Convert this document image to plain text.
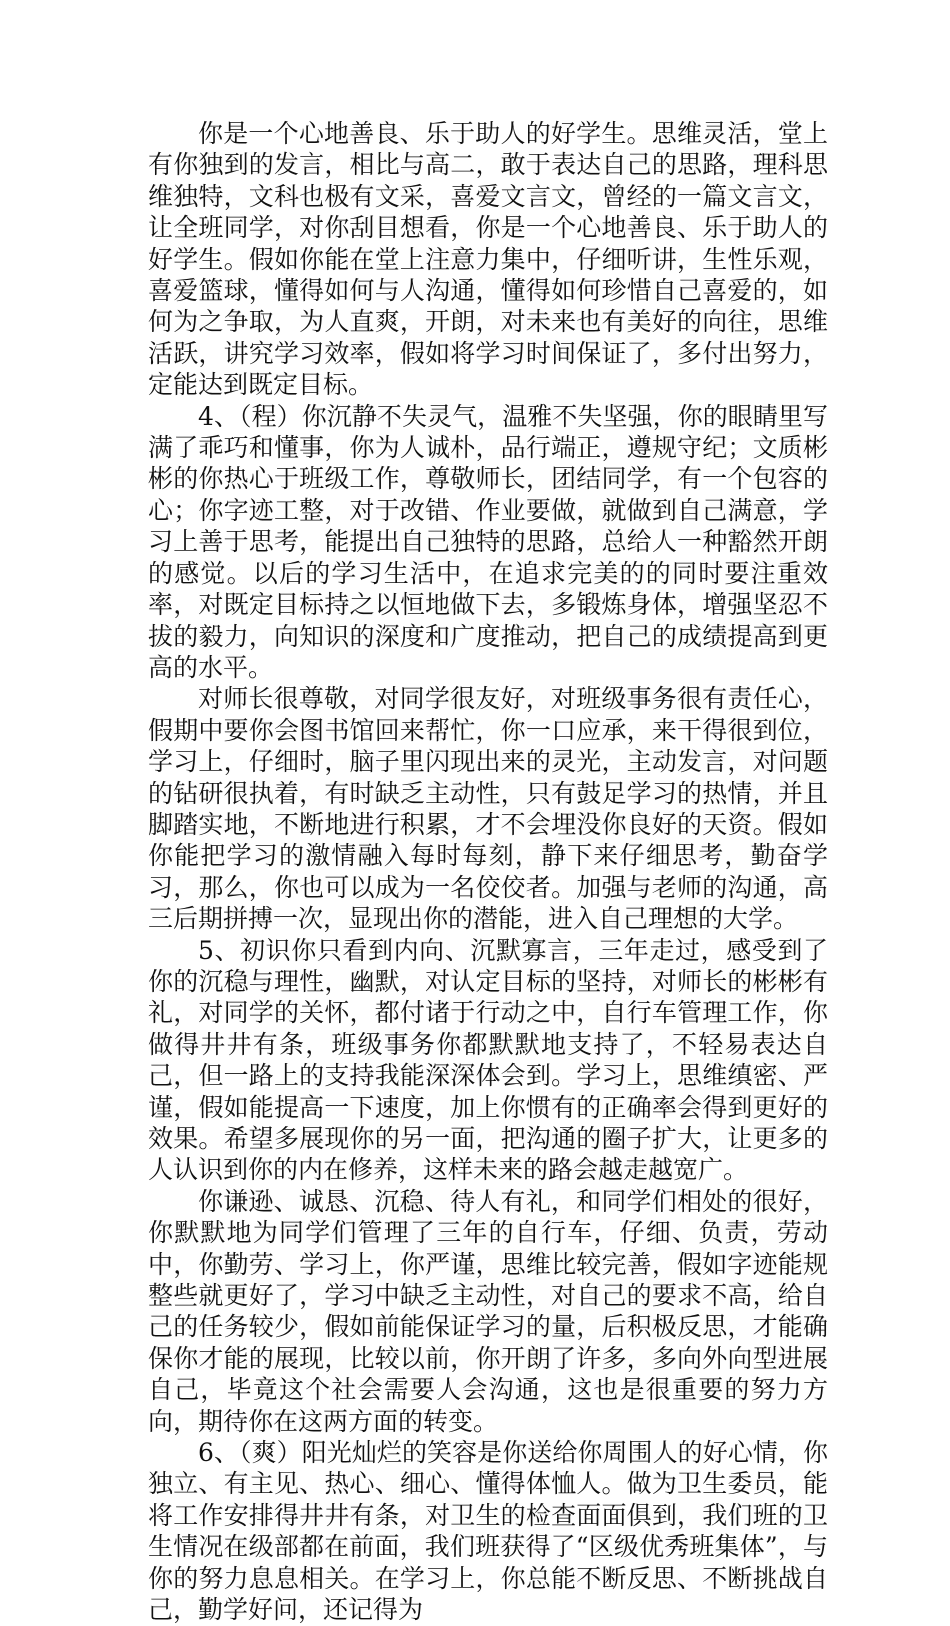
你是一个心地善良、乐于助人的好学生。思维灵活，堂上有你独到的发言，相比与高二，敢于表达自己的思路，理科思维独特，文科也极有文采，喜爱文言文，曾经的一篇文言文，让全班同学，对你刮目想看，你是一个心地善良、乐于助人的好学生。假如你能在堂上注意力集中，仔细听讲，生性乐观，喜爱篮球，懂得如何与人沟通，懂得如何珍惜自己喜爱的，如何为之争取，为人直爽，开朗，对未来也有美好的向往，思维活跃，讲究学习效率，假如将学习时间保证了，多付出努力，定能达到既定目标。

4、（程）你沉静不失灵气，温雅不失坚强，你的眼睛里写满了乖巧和懂事，你为人诚朴，品行端正，遵规守纪；文质彬彬的你热心于班级工作，尊敬师长，团结同学，有一个包容的心；你字迹工整，对于改错、作业要做，就做到自己满意，学习上善于思考，能提出自己独特的思路，总给人一种豁然开朗的感觉。以后的学习生活中，在追求完美的的同时要注重效率，对既定目标持之以恒地做下去，多锻炼身体，增强坚忍不拔的毅力，向知识的深度和广度推动，把自己的成绩提高到更高的水平。

对师长很尊敬，对同学很友好，对班级事务很有责任心，假期中要你会图书馆回来帮忙，你一口应承，来干得很到位，学习上，仔细时，脑子里闪现出来的灵光，主动发言，对问题的钻研很执着，有时缺乏主动性，只有鼓足学习的热情，并且脚踏实地，不断地进行积累，才不会埋没你良好的天资。假如你能把学习的激情融入每时每刻，静下来仔细思考，勤奋学习，那么，你也可以成为一名佼佼者。加强与老师的沟通，高三后期拼搏一次，显现出你的潜能，进入自己理想的大学。

5、初识你只看到内向、沉默寡言，三年走过，感受到了你的沉稳与理性，幽默，对认定目标的坚持，对师长的彬彬有礼，对同学的关怀，都付诸于行动之中，自行车管理工作，你做得井井有条，班级事务你都默默地支持了，不轻易表达自己，但一路上的支持我能深深体会到。学习上，思维缜密、严谨，假如能提高一下速度，加上你惯有的正确率会得到更好的效果。希望多展现你的另一面，把沟通的圈子扩大，让更多的人认识到你的内在修养，这样未来的路会越走越宽广。

你谦逊、诚恳、沉稳、待人有礼，和同学们相处的很好，你默默地为同学们管理了三年的自行车，仔细、负责，劳动中，你勤劳、学习上，你严谨，思维比较完善，假如字迹能规整些就更好了，学习中缺乏主动性，对自己的要求不高，给自己的任务较少，假如前能保证学习的量，后积极反思，才能确保你才能的展现，比较以前，你开朗了许多，多向外向型进展自己，毕竟这个社会需要人会沟通，这也是很重要的努力方向，期待你在这两方面的转变。

6、（爽）阳光灿烂的笑容是你送给你周围人的好心情，你独立、有主见、热心、细心、懂得体恤人。做为卫生委员，能将工作安排得井井有条，对卫生的检查面面俱到，我们班的卫生情况在级部都在前面，我们班获得了“区级优秀班集体”，与你的努力息息相关。在学习上，你总能不断反思、不断挑战自己，勤学好问，还记得为
